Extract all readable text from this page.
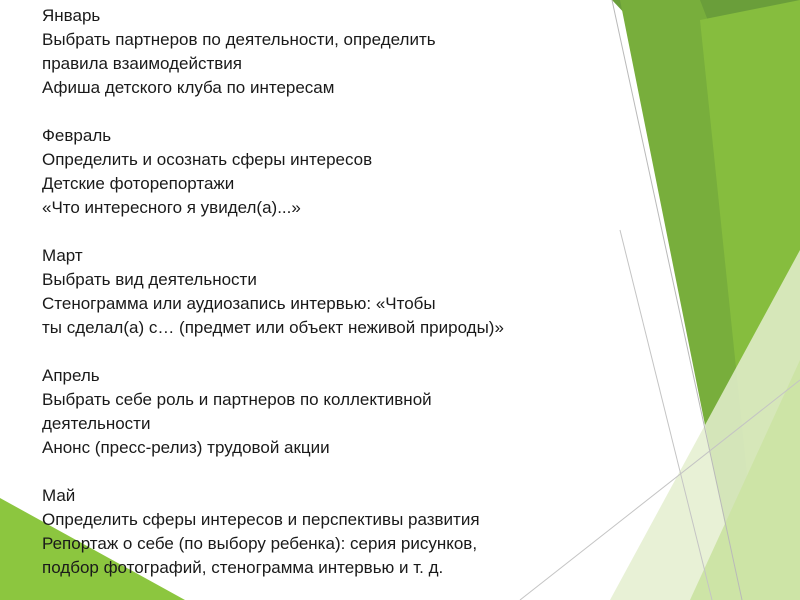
Январь
Выбрать партнеров по деятельности, определить
правила взаимодействия
Афиша детского клуба по интересам
Февраль
Определить и осознать сферы интересов
Детские фоторепортажи
«Что интересного я увидел(а)...»
Март
Выбрать вид деятельности
Стенограмма или аудиозапись интервью: «Чтобы
ты сделал(а) с… (предмет или объект неживой природы)»
Апрель
Выбрать себе роль и партнеров по коллективной
деятельности
Анонс (пресс-релиз) трудовой акции
Май
Определить сферы интересов и перспективы развития
Репортаж о себе (по выбору ребенка): серия рисунков,
подбор фотографий, стенограмма интервью и т. д.
